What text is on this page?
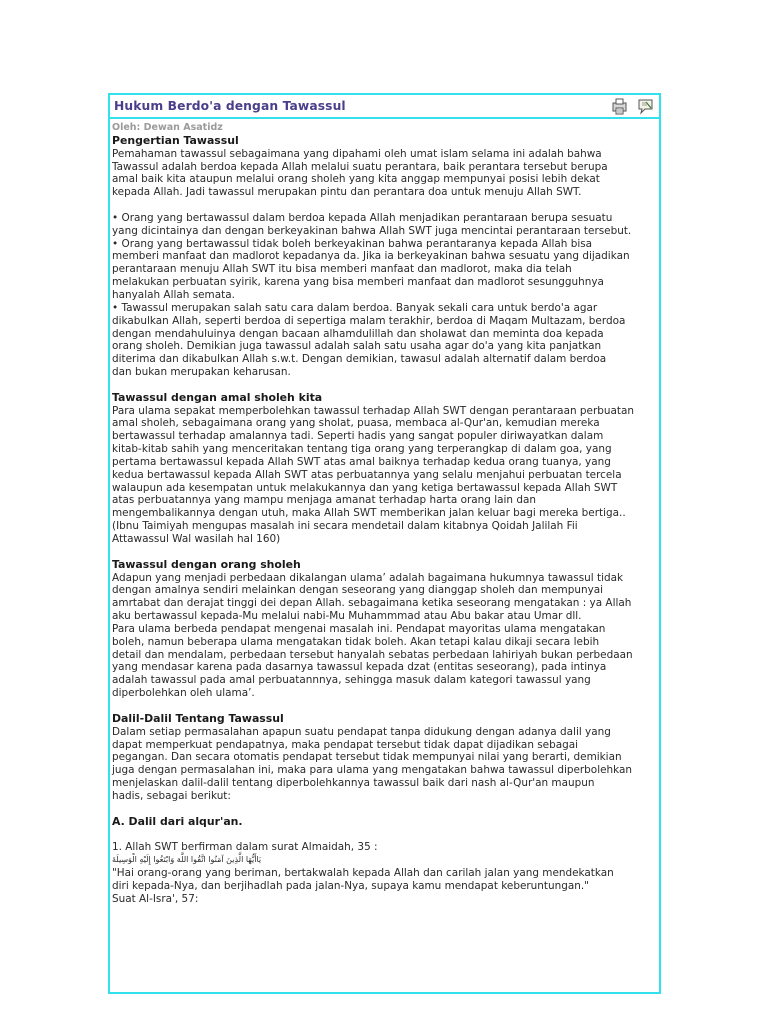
Hukum Berdo'a dengan Tawassul

Oleh: Dewan Asatidz

Pengertian Tawassul

Pemahaman tawassul sebagaimana yang dipahami oleh umat islam selama ini adalah bahwa

Tawassul adalah berdoa kepada Allah melalui suatu perantara, baik perantara tersebut berupa

amal baik kita ataupun melalui orang sholeh yang kita anggap mempunyai posisi lebih dekat

kepada Allah. Jadi tawassul merupakan pintu dan perantara doa untuk menuju Allah SWT.

• Orang yang bertawassul dalam berdoa kepada Allah menjadikan perantaraan berupa sesuatu

yang dicintainya dan dengan berkeyakinan bahwa Allah SWT juga mencintai perantaraan tersebut.

• Orang yang bertawassul tidak boleh berkeyakinan bahwa perantaranya kepada Allah bisa

memberi manfaat dan madlorot kepadanya da. Jika ia berkeyakinan bahwa sesuatu yang dijadikan

perantaraan menuju Allah SWT itu bisa memberi manfaat dan madlorot, maka dia telah

melakukan perbuatan syirik, karena yang bisa memberi manfaat dan madlorot sesungguhnya

hanyalah Allah semata.

• Tawassul merupakan salah satu cara dalam berdoa. Banyak sekali cara untuk berdo'a agar

dikabulkan Allah, seperti berdoa di sepertiga malam terakhir, berdoa di Maqam Multazam, berdoa

dengan mendahuluinya dengan bacaan alhamdulillah dan sholawat dan meminta doa kepada

orang sholeh. Demikian juga tawassul adalah salah satu usaha agar do'a yang kita panjatkan

diterima dan dikabulkan Allah s.w.t. Dengan demikian, tawasul adalah alternatif dalam berdoa

dan bukan merupakan keharusan.

Tawassul dengan amal sholeh kita

Para ulama sepakat memperbolehkan tawassul terhadap Allah SWT dengan perantaraan perbuatan

amal sholeh, sebagaimana orang yang sholat, puasa, membaca al-Qur'an, kemudian mereka

bertawassul terhadap amalannya tadi. Seperti hadis yang sangat populer diriwayatkan dalam

kitab-kitab sahih yang menceritakan tentang tiga orang yang terperangkap di dalam goa, yang

pertama bertawassul kepada Allah SWT atas amal baiknya terhadap kedua orang tuanya, yang

kedua bertawassul kepada Allah SWT atas perbuatannya yang selalu menjahui perbuatan tercela

walaupun ada kesempatan untuk melakukannya dan yang ketiga bertawassul kepada Allah SWT

atas perbuatannya yang mampu menjaga amanat terhadap harta orang lain dan

mengembalikannya dengan utuh, maka Allah SWT memberikan jalan keluar bagi mereka bertiga..

(Ibnu Taimiyah mengupas masalah ini secara mendetail dalam kitabnya Qoidah Jalilah Fii

Attawassul Wal wasilah hal 160)

Tawassul dengan orang sholeh

Adapun yang menjadi perbedaan dikalangan ulama’ adalah bagaimana hukumnya tawassul tidak

dengan amalnya sendiri melainkan dengan seseorang yang dianggap sholeh dan mempunyai

amrtabat dan derajat tinggi dei depan Allah. sebagaimana ketika seseorang mengatakan : ya Allah

aku bertawassul kepada-Mu melalui nabi-Mu Muhammmad atau Abu bakar atau Umar dll.

Para ulama berbeda pendapat mengenai masalah ini. Pendapat mayoritas ulama mengatakan

boleh, namun beberapa ulama mengatakan tidak boleh. Akan tetapi kalau dikaji secara lebih

detail dan mendalam, perbedaan tersebut hanyalah sebatas perbedaan lahiriyah bukan perbedaan

yang mendasar karena pada dasarnya tawassul kepada dzat (entitas seseorang), pada intinya

adalah tawassul pada amal perbuatannnya, sehingga masuk dalam kategori tawassul yang

diperbolehkan oleh ulama’.

Dalil-Dalil Tentang Tawassul

Dalam setiap permasalahan apapun suatu pendapat tanpa didukung dengan adanya dalil yang

dapat memperkuat pendapatnya, maka pendapat tersebut tidak dapat dijadikan sebagai

pegangan. Dan secara otomatis pendapat tersebut tidak mempunyai nilai yang berarti, demikian

juga dengan permasalahan ini, maka para ulama yang mengatakan bahwa tawassul diperbolehkan

menjelaskan dalil-dalil tentang diperbolehkannya tawassul baik dari nash al-Qur'an maupun

hadis, sebagai berikut:

A. Dalil dari alqur'an.

1. Allah SWT berfirman dalam surat Almaidah, 35 :

يَاأَيُّهَا الَّذِينَ آمَنُوا اتَّقُوا اللَّهَ وَابْتَغُوا إِلَيْهِ الْوَسِيلَةَ

"Hai orang-orang yang beriman, bertakwalah kepada Allah dan carilah jalan yang mendekatkan

diri kepada-Nya, dan berjihadlah pada jalan-Nya, supaya kamu mendapat keberuntungan."

Suat Al-Isra', 57:
